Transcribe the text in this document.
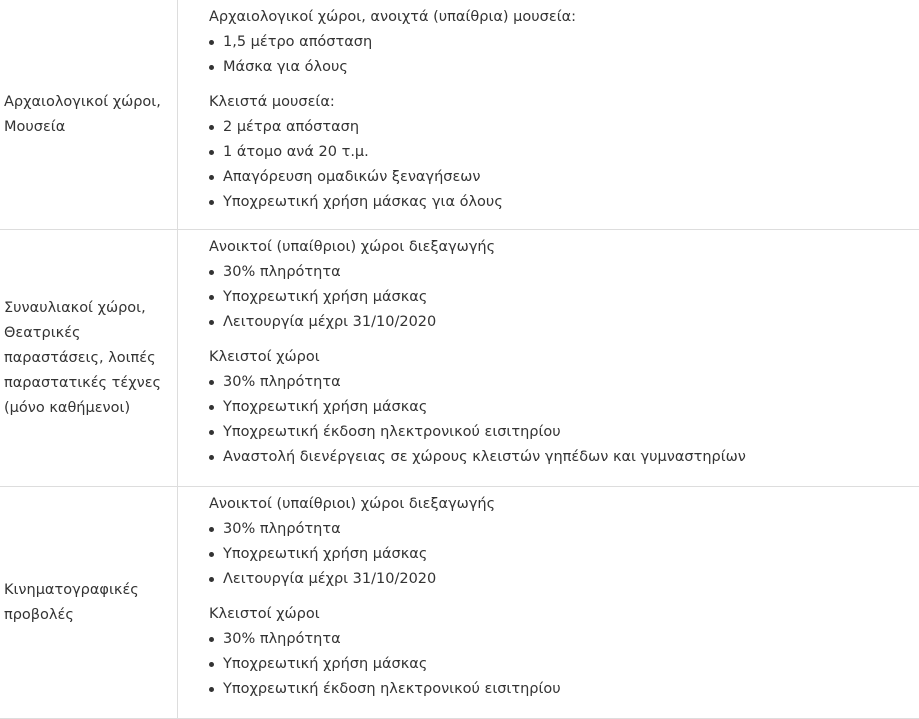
Αρχαιολογικοί χώροι, Μουσεία

Αρχαιολογικοί χώροι, ανοιχτά (υπαίθρια) μουσεία:

1,5 μέτρο απόσταση
Μάσκα για όλους

Κλειστά μουσεία:

2 μέτρα απόσταση
1 άτομο ανά 20 τ.μ.
Απαγόρευση ομαδικών ξεναγήσεων
Υποχρεωτική χρήση μάσκας για όλους
Συναυλιακοί χώροι, Θεατρικές παραστάσεις, λοιπές παραστατικές τέχνες (μόνο καθήμενοι)

Ανοικτοί (υπαίθριοι) χώροι διεξαγωγής

30% πληρότητα
Υποχρεωτική χρήση μάσκας
Λειτουργία μέχρι 31/10/2020

Κλειστοί χώροι

30% πληρότητα
Υποχρεωτική χρήση μάσκας
Υποχρεωτική έκδοση ηλεκτρονικού εισιτηρίου
Αναστολή διενέργειας σε χώρους κλειστών γηπέδων και γυμναστηρίων
Κινηματογραφικές προβολές

Ανοικτοί (υπαίθριοι) χώροι διεξαγωγής

30% πληρότητα
Υποχρεωτική χρήση μάσκας
Λειτουργία μέχρι 31/10/2020

Κλειστοί χώροι

30% πληρότητα
Υποχρεωτική χρήση μάσκας
Υποχρεωτική έκδοση ηλεκτρονικού εισιτηρίου
